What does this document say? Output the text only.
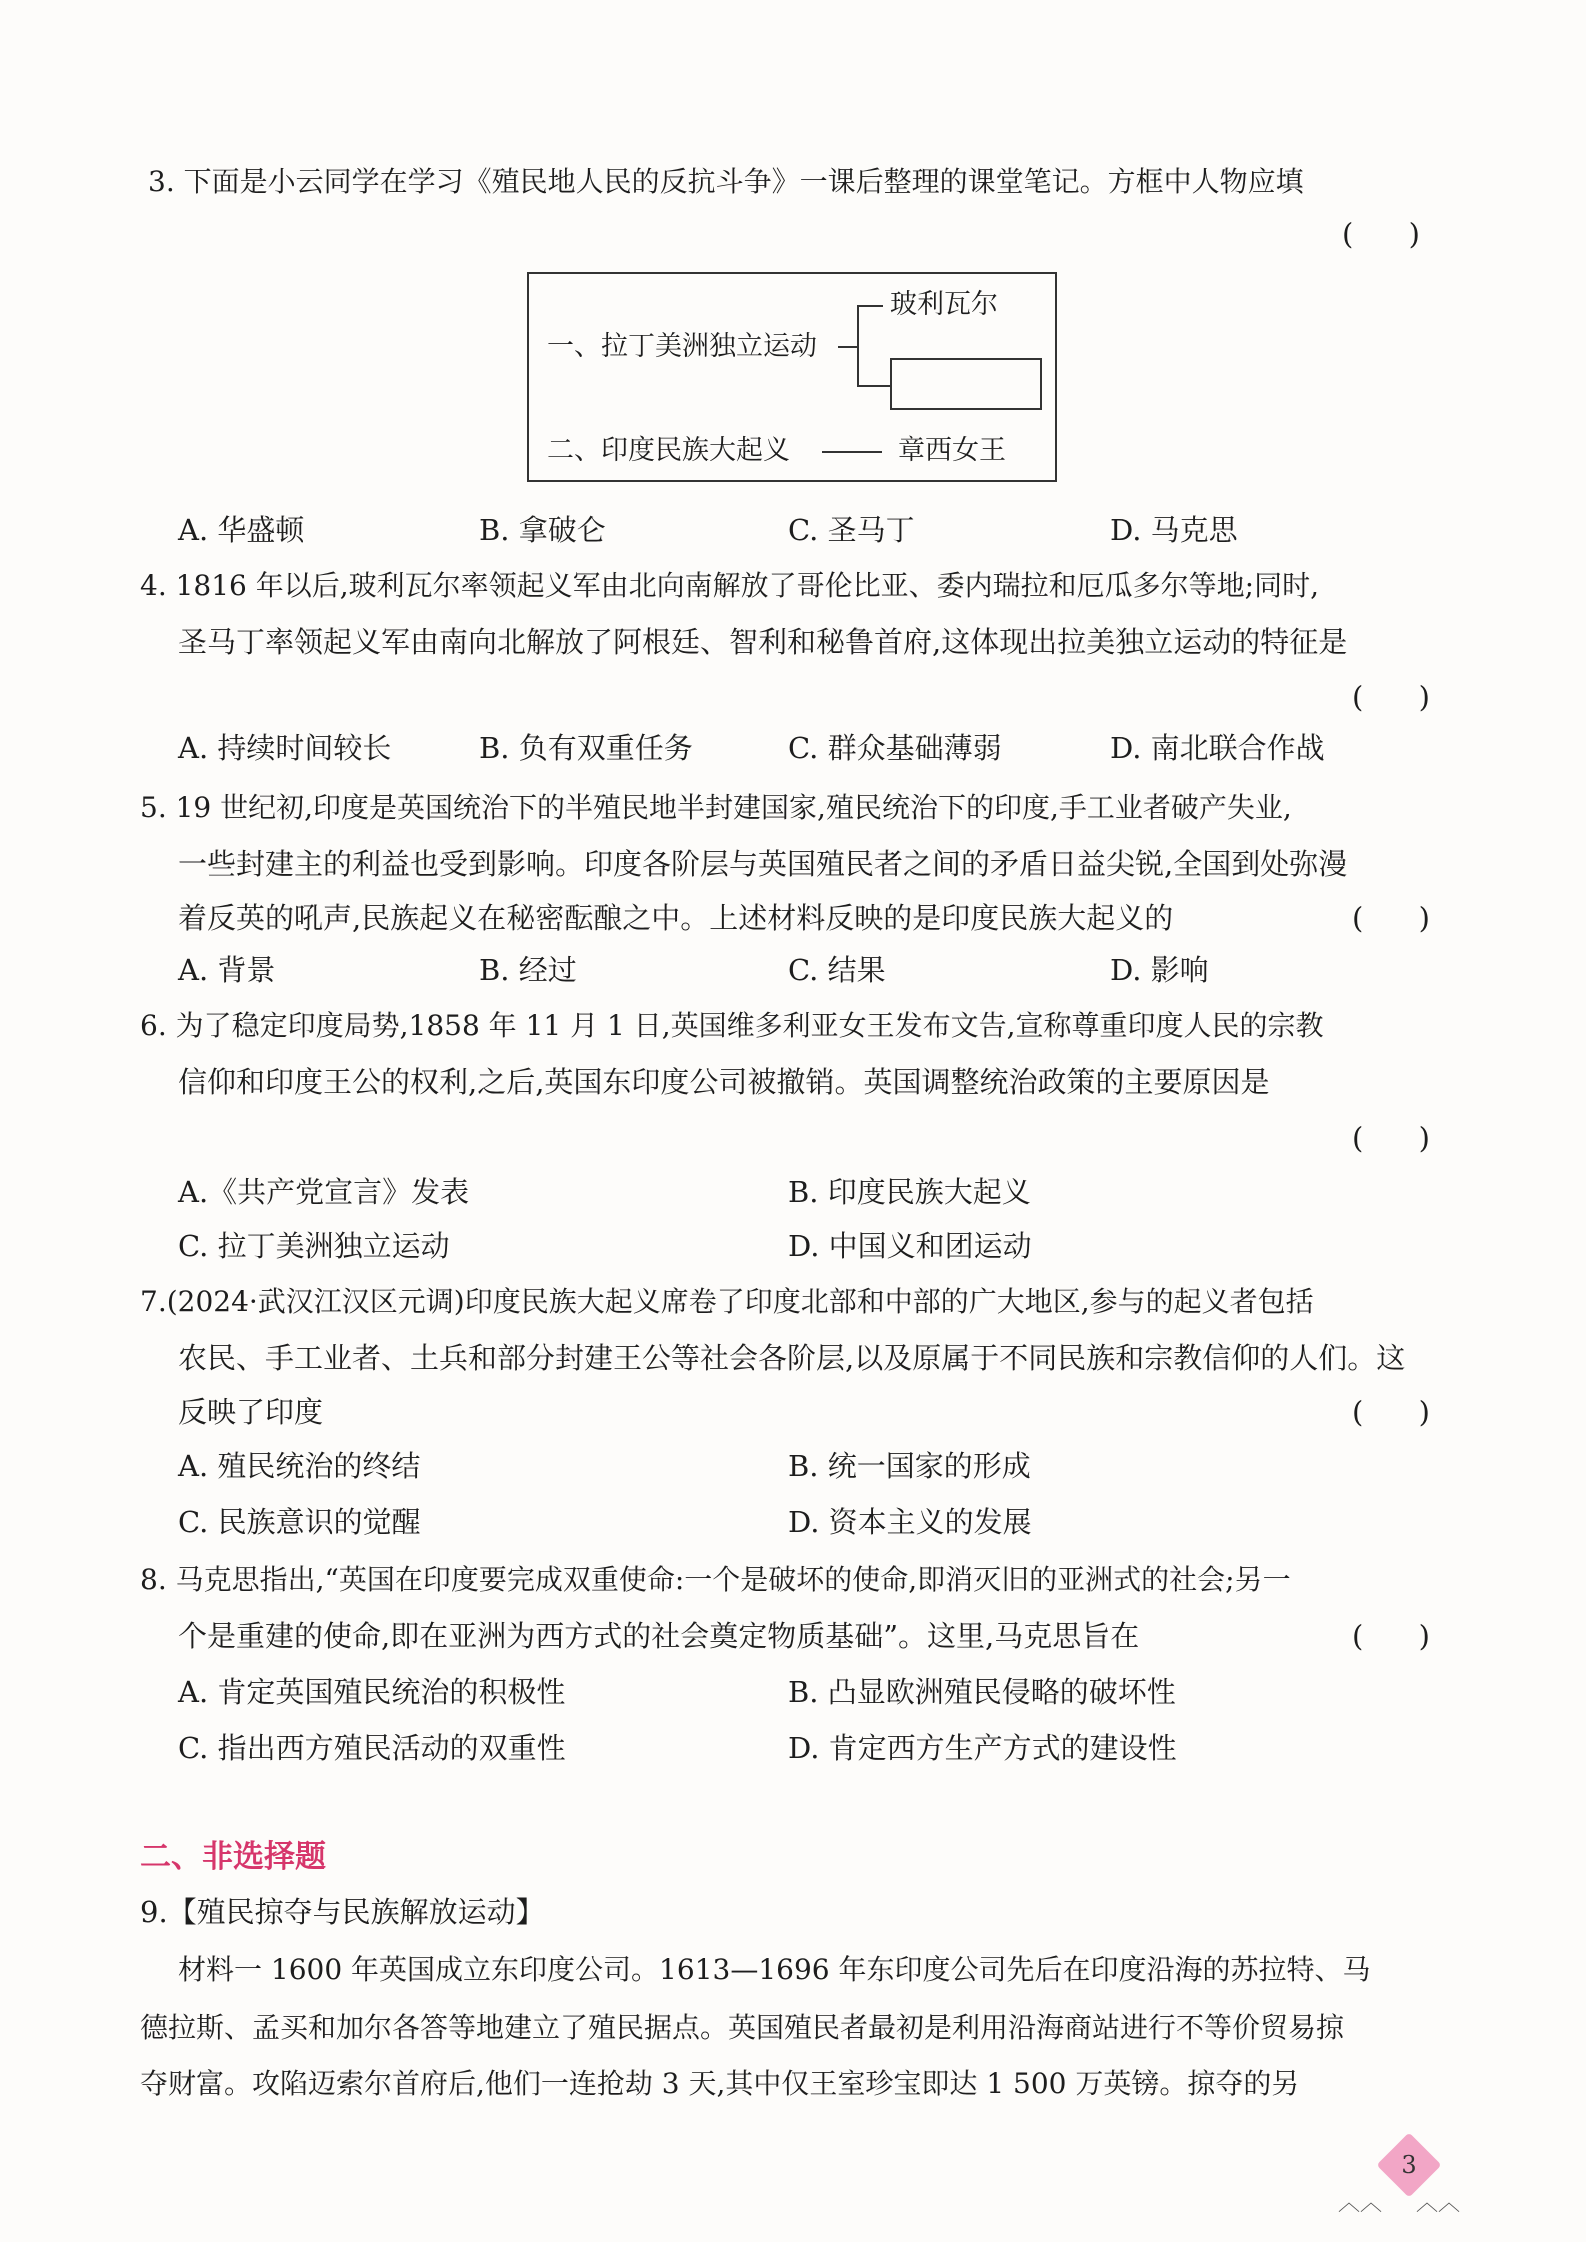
3. 下面是小云同学在学习《殖民地人民的反抗斗争》一课后整理的课堂笔记。方框中人物应填
(      )
一、拉丁美洲独立运动
玻利瓦尔
二、印度民族大起义	章西女王
A. 华盛顿	B. 拿破仑	C. 圣马丁	D. 马克思
4. 1816 年以后,玻利瓦尔率领起义军由北向南解放了哥伦比亚、委内瑞拉和厄瓜多尔等地;同时,
圣马丁率领起义军由南向北解放了阿根廷、智利和秘鲁首府,这体现出拉美独立运动的特征是
(      )
A. 持续时间较长	B. 负有双重任务	C. 群众基础薄弱	D. 南北联合作战
5. 19 世纪初,印度是英国统治下的半殖民地半封建国家,殖民统治下的印度,手工业者破产失业,
一些封建主的利益也受到影响。印度各阶层与英国殖民者之间的矛盾日益尖锐,全国到处弥漫
着反英的吼声,民族起义在秘密酝酿之中。上述材料反映的是印度民族大起义的	(      )
A. 背景	B. 经过	C. 结果	D. 影响
6. 为了稳定印度局势,1858 年 11 月 1 日,英国维多利亚女王发布文告,宣称尊重印度人民的宗教
信仰和印度王公的权利,之后,英国东印度公司被撤销。英国调整统治政策的主要原因是
(      )
A.《共产党宣言》发表	B. 印度民族大起义
C. 拉丁美洲独立运动	D. 中国义和团运动
7.(2024·武汉江汉区元调)印度民族大起义席卷了印度北部和中部的广大地区,参与的起义者包括
农民、手工业者、土兵和部分封建王公等社会各阶层,以及原属于不同民族和宗教信仰的人们。这
反映了印度	(      )
A. 殖民统治的终结	B. 统一国家的形成
C. 民族意识的觉醒	D. 资本主义的发展
8. 马克思指出,“英国在印度要完成双重使命:一个是破坏的使命,即消灭旧的亚洲式的社会;另一
个是重建的使命,即在亚洲为西方式的社会奠定物质基础”。这里,马克思旨在	(      )
A. 肯定英国殖民统治的积极性	B. 凸显欧洲殖民侵略的破坏性
C. 指出西方殖民活动的双重性	D. 肯定西方生产方式的建设性
二、非选择题
9.【殖民掠夺与民族解放运动】
材料一 1600 年英国成立东印度公司。1613—1696 年东印度公司先后在印度沿海的苏拉特、马
德拉斯、孟买和加尔各答等地建立了殖民据点。英国殖民者最初是利用沿海商站进行不等价贸易掠
夺财富。攻陷迈索尔首府后,他们一连抢劫 3 天,其中仅王室珍宝即达 1 500 万英镑。掠夺的另
3
︿︿ ︿︿
